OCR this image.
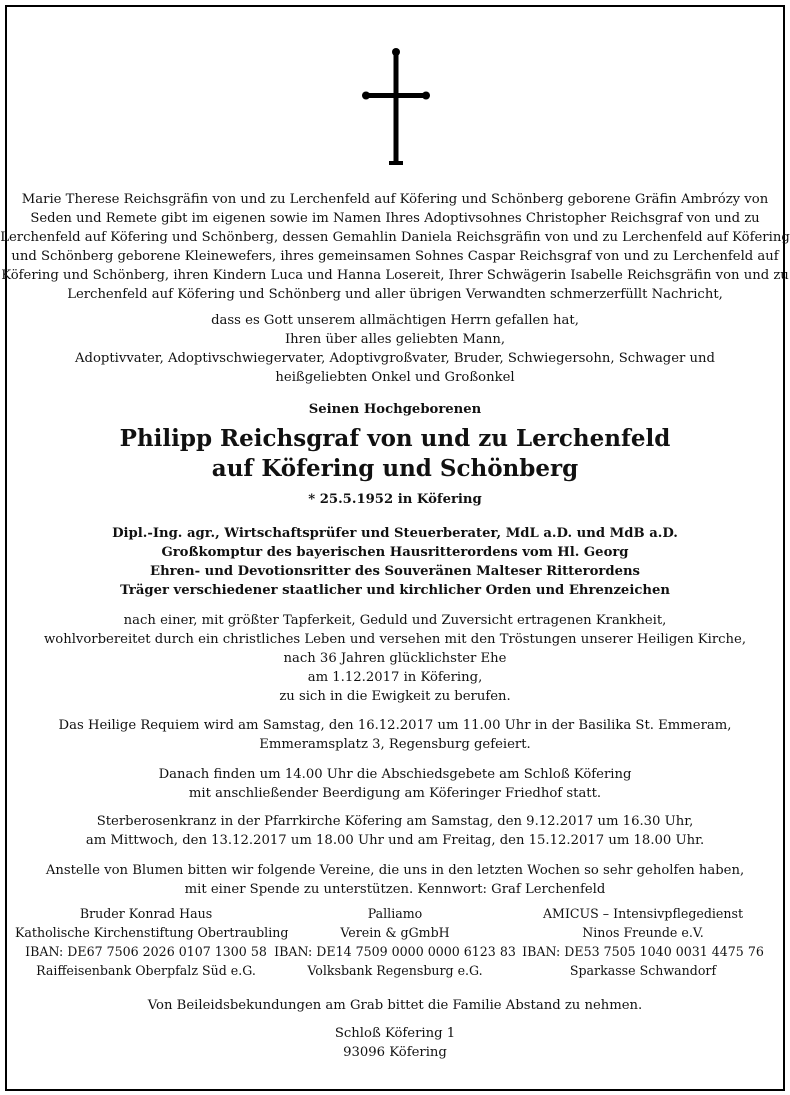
Marie Therese Reichsgräfin von und zu Lerchenfeld auf Köfering und Schönberg geborene Gräfin Ambrózy von

Seden und Remete gibt im eigenen sowie im Namen Ihres Adoptivsohnes Christopher Reichsgraf von und zu

Lerchenfeld auf Köfering und Schönberg, dessen Gemahlin Daniela Reichsgräfin von und zu Lerchenfeld auf Köfering

und Schönberg geborene Kleinewefers, ihres gemeinsamen Sohnes Caspar Reichsgraf von und zu Lerchenfeld auf

Köfering und Schönberg, ihren Kindern Luca und Hanna Losereit, Ihrer Schwägerin Isabelle Reichsgräfin von und zu

Lerchenfeld auf Köfering und Schönberg und aller übrigen Verwandten schmerzerfüllt Nachricht,

dass es Gott unserem allmächtigen Herrn gefallen hat,

Ihren über alles geliebten Mann,

Adoptivvater, Adoptivschwiegervater, Adoptivgroßvater, Bruder, Schwiegersohn, Schwager und

heißgeliebten Onkel und Großonkel

Seinen Hochgeborenen

Philipp Reichsgraf von und zu Lerchenfeld

auf Köfering und Schönberg

* 25.5.1952 in Köfering

Dipl.-Ing. agr., Wirtschaftsprüfer und Steuerberater, MdL a.D. und MdB a.D.

Großkomptur des bayerischen Hausritterordens vom Hl. Georg

Ehren- und Devotionsritter des Souveränen Malteser Ritterordens

Träger verschiedener staatlicher und kirchlicher Orden und Ehrenzeichen

nach einer, mit größter Tapferkeit, Geduld und Zuversicht ertragenen Krankheit,

wohlvorbereitet durch ein christliches Leben und versehen mit den Tröstungen unserer Heiligen Kirche,

nach 36 Jahren glücklichster Ehe

am 1.12.2017 in Köfering,

zu sich in die Ewigkeit zu berufen.

Das Heilige Requiem wird am Samstag, den 16.12.2017 um 11.00 Uhr in der Basilika St. Emmeram,

Emmeramsplatz 3, Regensburg gefeiert.

Danach finden um 14.00 Uhr die Abschiedsgebete am Schloß Köfering

mit anschließender Beerdigung am Köferinger Friedhof statt.

Sterberosenkranz in der Pfarrkirche Köfering am Samstag, den 9.12.2017 um 16.30 Uhr,

am Mittwoch, den 13.12.2017 um 18.00 Uhr und am Freitag, den 15.12.2017 um 18.00 Uhr.

Anstelle von Blumen bitten wir folgende Vereine, die uns in den letzten Wochen so sehr geholfen haben,

mit einer Spende zu unterstützen. Kennwort: Graf Lerchenfeld

Bruder Konrad Haus

Katholische Kirchenstiftung Obertraubling

IBAN: DE67 7506 2026 0107 1300 58

Raiffeisenbank Oberpfalz Süd e.G.

Palliamo

Verein & gGmbH

IBAN: DE14 7509 0000 0000 6123 83

Volksbank Regensburg e.G.

AMICUS – Intensivpflegedienst

Ninos Freunde e.V.

IBAN: DE53 7505 1040 0031 4475 76

Sparkasse Schwandorf

Von Beileidsbekundungen am Grab bittet die Familie Abstand zu nehmen.

Schloß Köfering 1

93096 Köfering
